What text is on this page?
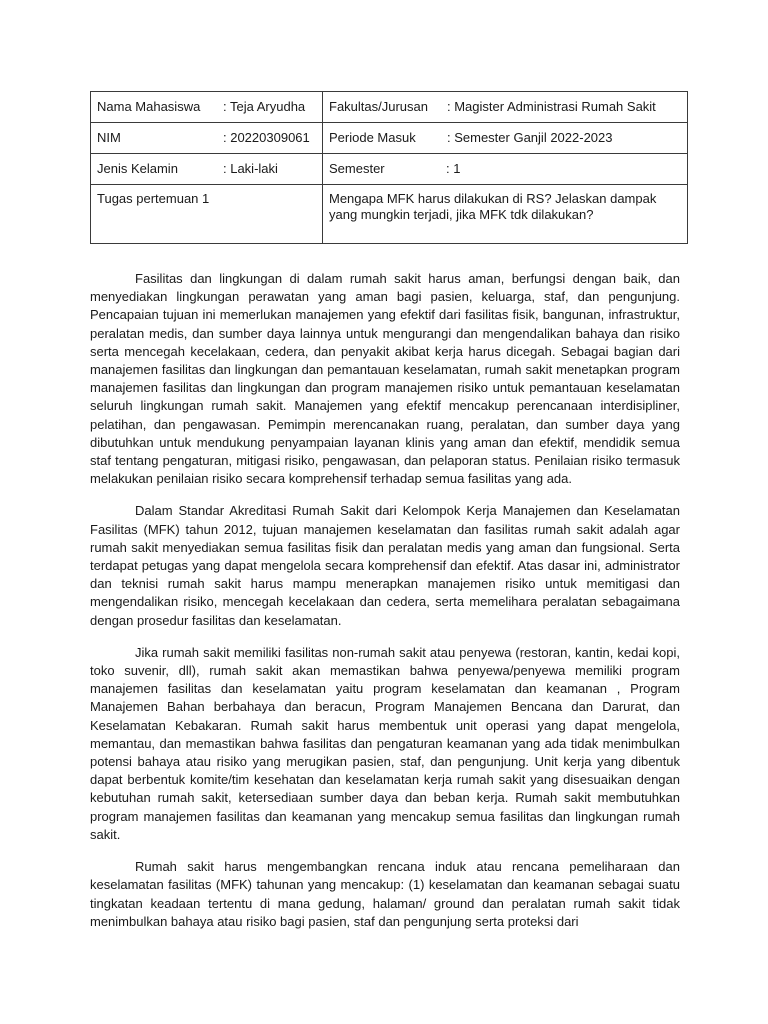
Nama Mahasiswa : Teja Aryudha	Fakultas/Jurusan : Magister Administrasi Rumah Sakit

NIM : 20220309061	Periode Masuk : Semester Ganjil 2022-2023

Jenis Kelamin : Laki-laki	Semester : 1

Tugas pertemuan 1	Mengapa MFK harus dilakukan di RS? Jelaskan dampak yang mungkin terjadi, jika MFK tdk dilakukan?

Fasilitas dan lingkungan di dalam rumah sakit harus aman, berfungsi dengan baik, dan menyediakan lingkungan perawatan yang aman bagi pasien, keluarga, staf, dan pengunjung. Pencapaian tujuan ini memerlukan manajemen yang efektif dari fasilitas fisik, bangunan, infrastruktur, peralatan medis, dan sumber daya lainnya untuk mengurangi dan mengendalikan bahaya dan risiko serta mencegah kecelakaan, cedera, dan penyakit akibat kerja harus dicegah. Sebagai bagian dari manajemen fasilitas dan lingkungan dan pemantauan keselamatan, rumah sakit menetapkan program manajemen fasilitas dan lingkungan dan program manajemen risiko untuk pemantauan keselamatan seluruh lingkungan rumah sakit. Manajemen yang efektif mencakup perencanaan interdisipliner, pelatihan, dan pengawasan. Pemimpin merencanakan ruang, peralatan, dan sumber daya yang dibutuhkan untuk mendukung penyampaian layanan klinis yang aman dan efektif, mendidik semua staf tentang pengaturan, mitigasi risiko, pengawasan, dan pelaporan status. Penilaian risiko termasuk melakukan penilaian risiko secara komprehensif terhadap semua fasilitas yang ada.

Dalam Standar Akreditasi Rumah Sakit dari Kelompok Kerja Manajemen dan Keselamatan Fasilitas (MFK) tahun 2012, tujuan manajemen keselamatan dan fasilitas rumah sakit adalah agar rumah sakit menyediakan semua fasilitas fisik dan peralatan medis yang aman dan fungsional. Serta terdapat petugas yang dapat mengelola secara komprehensif dan efektif. Atas dasar ini, administrator dan teknisi rumah sakit harus mampu menerapkan manajemen risiko untuk memitigasi dan mengendalikan risiko, mencegah kecelakaan dan cedera, serta memelihara peralatan sebagaimana dengan prosedur fasilitas dan keselamatan.

Jika rumah sakit memiliki fasilitas non-rumah sakit atau penyewa (restoran, kantin, kedai kopi, toko suvenir, dll), rumah sakit akan memastikan bahwa penyewa/penyewa memiliki program manajemen fasilitas dan keselamatan yaitu program keselamatan dan keamanan , Program Manajemen Bahan berbahaya dan beracun, Program Manajemen Bencana dan Darurat, dan Keselamatan Kebakaran. Rumah sakit harus membentuk unit operasi yang dapat mengelola, memantau, dan memastikan bahwa fasilitas dan pengaturan keamanan yang ada tidak menimbulkan potensi bahaya atau risiko yang merugikan pasien, staf, dan pengunjung. Unit kerja yang dibentuk dapat berbentuk komite/tim kesehatan dan keselamatan kerja rumah sakit yang disesuaikan dengan kebutuhan rumah sakit, ketersediaan sumber daya dan beban kerja. Rumah sakit membutuhkan program manajemen fasilitas dan keamanan yang mencakup semua fasilitas dan lingkungan rumah sakit.

Rumah sakit harus mengembangkan rencana induk atau rencana pemeliharaan dan keselamatan fasilitas (MFK) tahunan yang mencakup: (1) keselamatan dan keamanan sebagai suatu tingkatan keadaan tertentu di mana gedung, halaman/ ground dan peralatan rumah sakit tidak menimbulkan bahaya atau risiko bagi pasien, staf dan pengunjung serta proteksi dari
